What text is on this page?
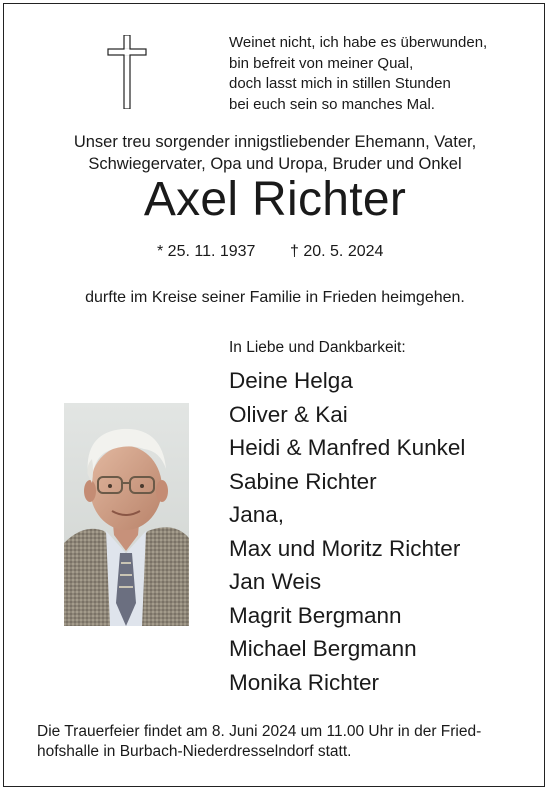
Weinet nicht, ich habe es überwunden,
bin befreit von meiner Qual,
doch lasst mich in stillen Stunden
bei euch sein so manches Mal.
Unser treu sorgender innigstliebender Ehemann, Vater,
Schwiegervater, Opa und Uropa, Bruder und Onkel
Axel Richter
* 25. 11. 1937 † 20. 5. 2024
durfte im Kreise seiner Familie in Frieden heimgehen.
In Liebe und Dankbarkeit:
Deine Helga
Oliver & Kai
Heidi & Manfred Kunkel
Sabine Richter
Jana,
Max und Moritz Richter
Jan Weis
Magrit Bergmann
Michael Bergmann
Monika Richter
Die Trauerfeier findet am 8. Juni 2024 um 11.00 Uhr in der Fried-
hofshalle in Burbach-Niederdresselndorf statt.
